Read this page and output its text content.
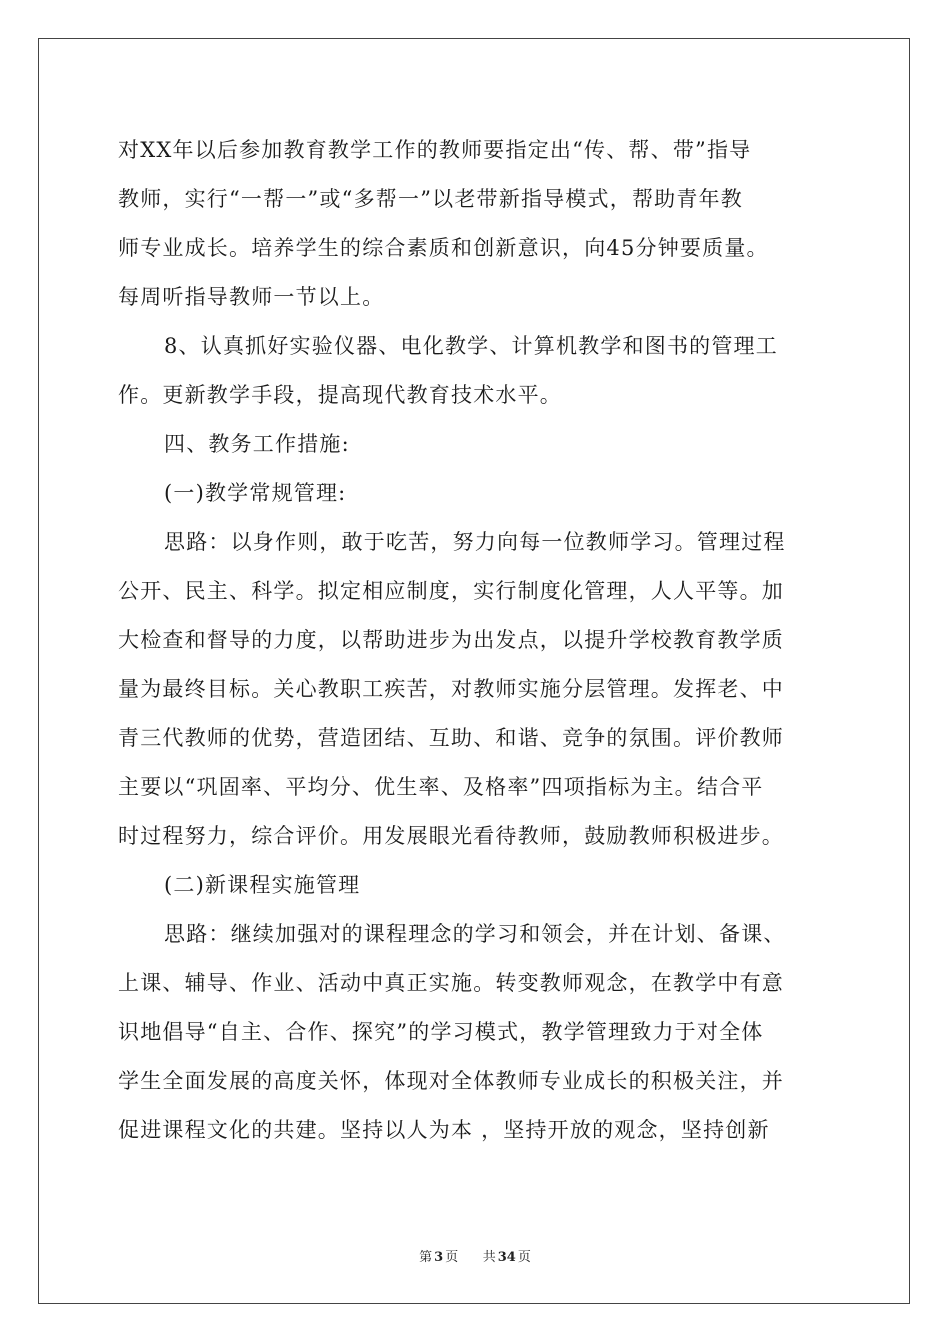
对XX年以后参加教育教学工作的教师要指定出“传、帮、带”指导
教师，实行“一帮一”或“多帮一”以老带新指导模式，帮助青年教
师专业成长。培养学生的综合素质和创新意识，向45分钟要质量。
每周听指导教师一节以上。
8、认真抓好实验仪器、电化教学、计算机教学和图书的管理工
作。更新教学手段，提高现代教育技术水平。
四、教务工作措施:
(一)教学常规管理:
思路：以身作则，敢于吃苦，努力向每一位教师学习。管理过程
公开、民主、科学。拟定相应制度，实行制度化管理，人人平等。加
大检查和督导的力度，以帮助进步为出发点，以提升学校教育教学质
量为最终目标。关心教职工疾苦，对教师实施分层管理。发挥老、中
青三代教师的优势，营造团结、互助、和谐、竞争的氛围。评价教师
主要以“巩固率、平均分、优生率、及格率”四项指标为主。结合平
时过程努力，综合评价。用发展眼光看待教师，鼓励教师积极进步。
(二)新课程实施管理
思路：继续加强对的课程理念的学习和领会，并在计划、备课、
上课、辅导、作业、活动中真正实施。转变教师观念，在教学中有意
识地倡导“自主、合作、探究”的学习模式，教学管理致力于对全体
学生全面发展的高度关怀，体现对全体教师专业成长的积极关注，并
促进课程文化的共建。坚持以人为本 ，坚持开放的观念，坚持创新
第 3 页 共 34 页
